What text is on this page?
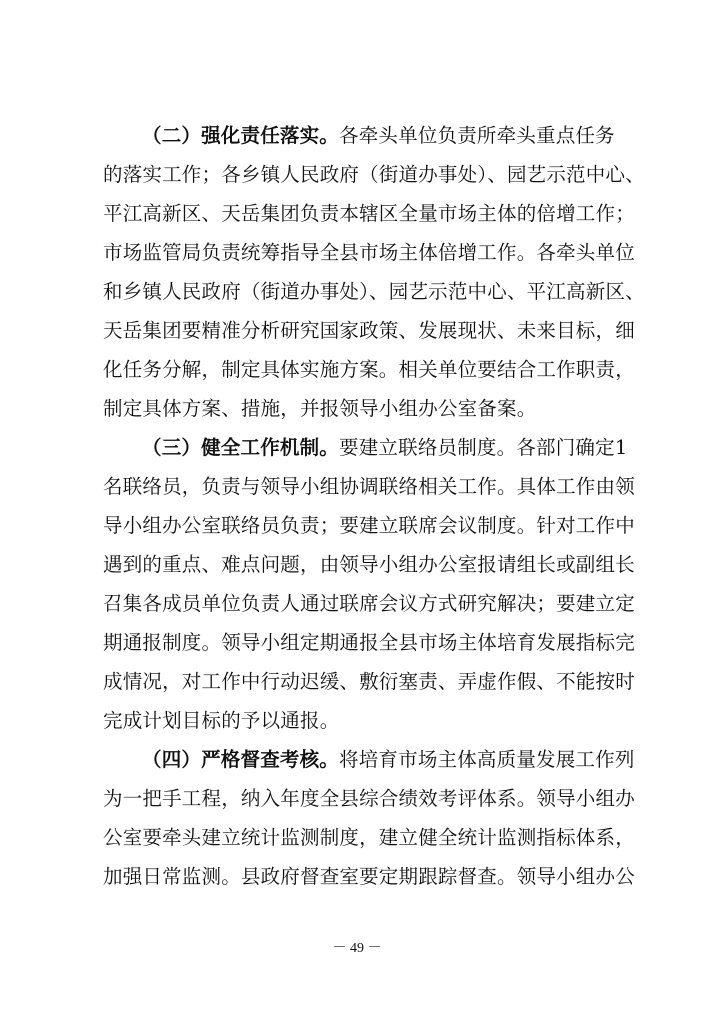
（二）强化责任落实。各牵头单位负责所牵头重点任务
的落实工作；各乡镇人民政府（街道办事处）、园艺示范中心、
平江高新区、天岳集团负责本辖区全量市场主体的倍增工作；
市场监管局负责统筹指导全县市场主体倍增工作。各牵头单位
和乡镇人民政府（街道办事处）、园艺示范中心、平江高新区、
天岳集团要精准分析研究国家政策、发展现状、未来目标，细
化任务分解，制定具体实施方案。相关单位要结合工作职责，
制定具体方案、措施，并报领导小组办公室备案。
（三）健全工作机制。要建立联络员制度。各部门确定1
名联络员，负责与领导小组协调联络相关工作。具体工作由领
导小组办公室联络员负责；要建立联席会议制度。针对工作中
遇到的重点、难点问题，由领导小组办公室报请组长或副组长
召集各成员单位负责人通过联席会议方式研究解决；要建立定
期通报制度。领导小组定期通报全县市场主体培育发展指标完
成情况，对工作中行动迟缓、敷衍塞责、弄虚作假、不能按时
完成计划目标的予以通报。
（四）严格督查考核。将培育市场主体高质量发展工作列
为一把手工程，纳入年度全县综合绩效考评体系。领导小组办
公室要牵头建立统计监测制度，建立健全统计监测指标体系，
加强日常监测。县政府督查室要定期跟踪督查。领导小组办公
－ 49 －
